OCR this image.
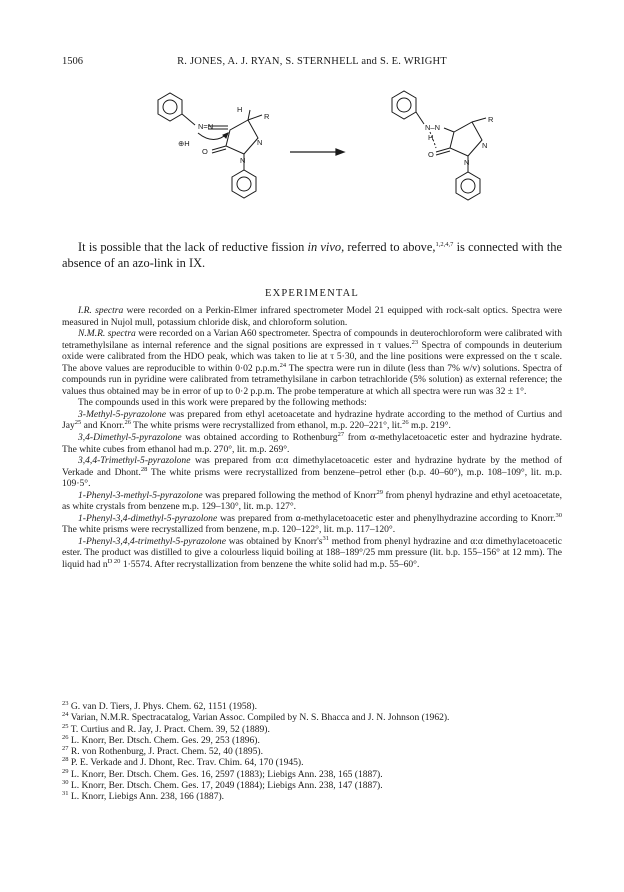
1506	R. JONES, A. J. RYAN, S. STERNHELL and S. E. WRIGHT
H
N=N
R
⊕H
O
N
N
N–N
H
R
O
N
N

It is possible that the lack of reductive fission in vivo, referred to above,$^{1,2,4,7}$ is connected with the absence of an azo-link in IX.

EXPERIMENTAL

I.R. spectra were recorded on a Perkin-Elmer infrared spectrometer Model 21 equipped with rock-salt optics. Spectra were measured in Nujol mull, potassium chloride disk, and chloroform solution.

N.M.R. spectra were recorded on a Varian A60 spectrometer. Spectra of compounds in deuterochloroform were calibrated with tetramethylsilane as internal reference and the signal positions are expressed in τ values.$^{23}$ Spectra of compounds in deuterium oxide were calibrated from the HDO peak, which was taken to lie at τ 5·30, and the line positions were expressed on the τ scale. The above values are reproducible to within 0·02 p.p.m.$^{24}$ The spectra were run in dilute (less than 7% w/v) solutions. Spectra of compounds run in pyridine were calibrated from tetramethylsilane in carbon tetrachloride (5% solution) as external reference; the values thus obtained may be in error of up to 0·2 p.p.m. The probe temperature at which all spectra were run was 32 ± 1°.

The compounds used in this work were prepared by the following methods:

3-Methyl-5-pyrazolone was prepared from ethyl acetoacetate and hydrazine hydrate according to the method of Curtius and Jay$^{25}$ and Knorr.$^{26}$ The white prisms were recrystallized from ethanol, m.p. 220–221°, lit.$^{26}$ m.p. 219°.

3,4-Dimethyl-5-pyrazolone was obtained according to Rothenburg$^{27}$ from α-methylacetoacetic ester and hydrazine hydrate. The white cubes from ethanol had m.p. 270°, lit. m.p. 269°.

3,4,4-Trimethyl-5-pyrazolone was prepared from α:α dimethylacetoacetic ester and hydrazine hydrate by the method of Verkade and Dhont.$^{28}$ The white prisms were recrystallized from benzene–petrol ether (b.p. 40–60°), m.p. 108–109°, lit. m.p. 109·5°.

1-Phenyl-3-methyl-5-pyrazolone was prepared following the method of Knorr$^{29}$ from phenyl hydrazine and ethyl acetoacetate, as white crystals from benzene m.p. 129–130°, lit. m.p. 127°.

1-Phenyl-3,4-dimethyl-5-pyrazolone was prepared from α-methylacetoacetic ester and phenylhydrazine according to Knorr.$^{30}$ The white prisms were recrystallized from benzene, m.p. 120–122°, lit. m.p. 117–120°.

1-Phenyl-3,4,4-trimethyl-5-pyrazolone was obtained by $Knorr's^{31}$ method from phenyl hydrazine and α:α dimethylacetoacetic ester. The product was distilled to give a colourless liquid boiling at 188–189°/25 mm pressure (lit. b.p. 155–156° at 12 mm). The liquid had $n^{D 20}$ 1·5574. After recrystallization from benzene the white solid had m.p. 55–60°.

$^{23}$ G. van D. Tiers, J. Phys. Chem. 62, 1151 (1958).

$^{24}$ Varian, N.M.R. Spectracatalog, Varian Assoc. Compiled by N. S. Bhacca and J. N. Johnson (1962).

$^{25}$ T. Curtius and R. Jay, J. Pract. Chem. 39, 52 (1889).

$^{26}$ L. Knorr, Ber. Dtsch. Chem. Ges. 29, 253 (1896).

$^{27}$ R. von Rothenburg, J. Pract. Chem. 52, 40 (1895).

$^{28}$ P. E. Verkade and J. Dhont, Rec. Trav. Chim. 64, 170 (1945).

$^{29}$ L. Knorr, Ber. Dtsch. Chem. Ges. 16, 2597 (1883); Liebigs Ann. 238, 165 (1887).

$^{30}$ L. Knorr, Ber. Dtsch. Chem. Ges. 17, 2049 (1884); Liebigs Ann. 238, 147 (1887).

$^{31}$ L. Knorr, Liebigs Ann. 238, 166 (1887).
